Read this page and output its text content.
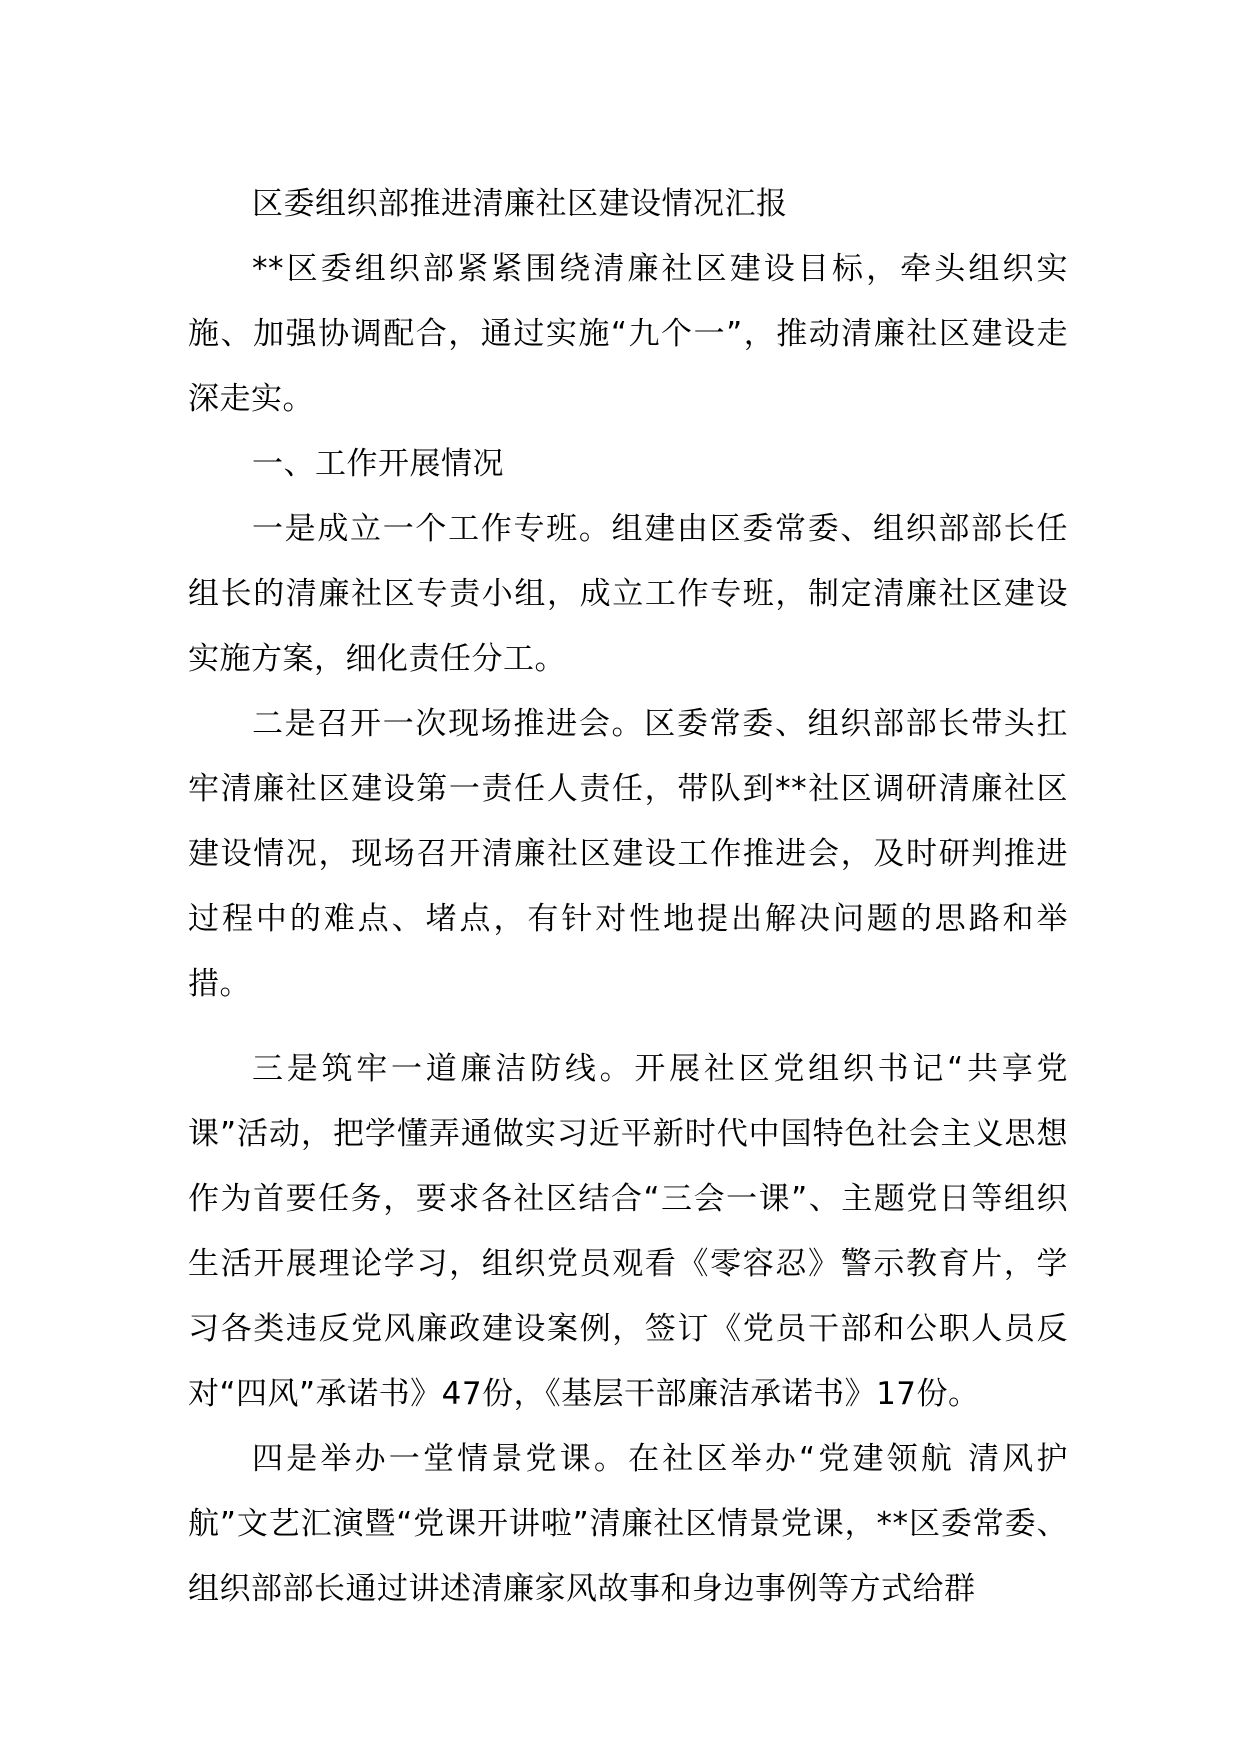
区委组织部推进清廉社区建设情况汇报

**区委组织部紧紧围绕清廉社区建设目标，牵头组织实施、加强协调配合，通过实施“九个一”，推动清廉社区建设走深走实。

一、工作开展情况

一是成立一个工作专班。组建由区委常委、组织部部长任组长的清廉社区专责小组，成立工作专班，制定清廉社区建设实施方案，细化责任分工。

二是召开一次现场推进会。区委常委、组织部部长带头扛牢清廉社区建设第一责任人责任，带队到**社区调研清廉社区建设情况，现场召开清廉社区建设工作推进会，及时研判推进过程中的难点、堵点，有针对性地提出解决问题的思路和举措。

三是筑牢一道廉洁防线。开展社区党组织书记“共享党课”活动，把学懂弄通做实习近平新时代中国特色社会主义思想作为首要任务，要求各社区结合“三会一课”、主题党日等组织生活开展理论学习，组织党员观看《零容忍》警示教育片，学习各类违反党风廉政建设案例，签订《党员干部和公职人员反对“四风”承诺书》47份，《基层干部廉洁承诺书》17份。

四是举办一堂情景党课。在社区举办“党建领航 清风护航”文艺汇演暨“党课开讲啦”清廉社区情景党课，**区委常委、组织部部长通过讲述清廉家风故事和身边事例等方式给群
